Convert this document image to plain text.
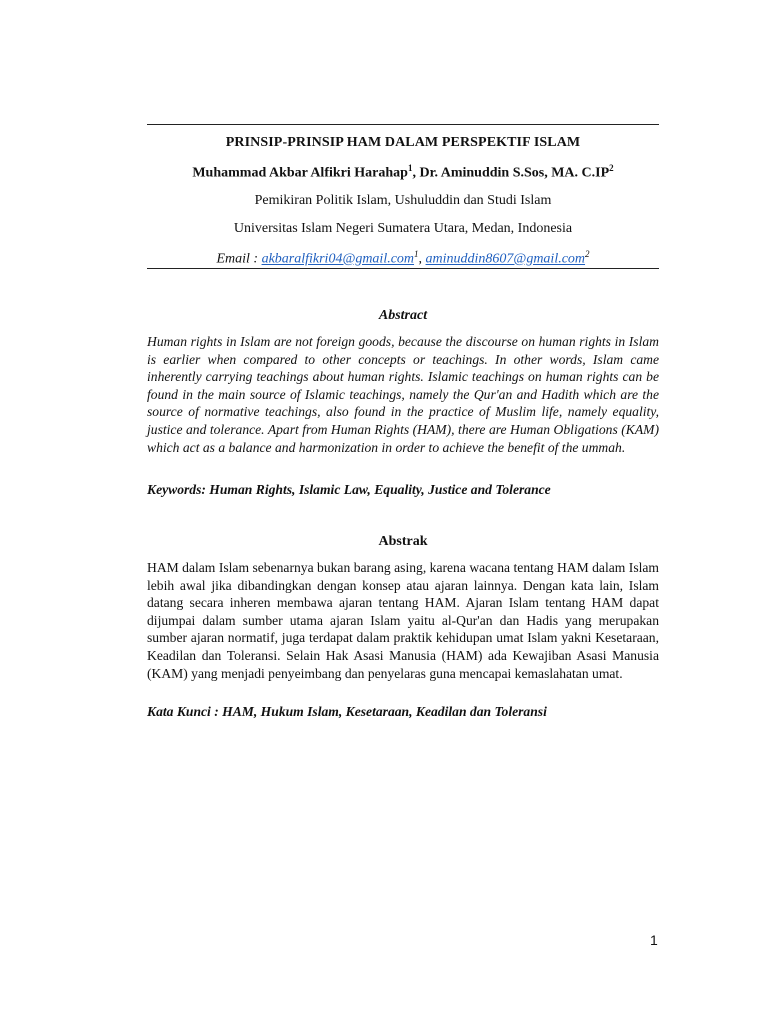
PRINSIP-PRINSIP HAM DALAM PERSPEKTIF ISLAM
Muhammad Akbar Alfikri Harahap$^1$, Dr. Aminuddin S.Sos, MA. $C.IP^2$
Pemikiran Politik Islam, Ushuluddin dan Studi Islam
Universitas Islam Negeri Sumatera Utara, Medan, Indonesia
Email : akbaralfikri04@gmail.com$^1$, aminuddin8607@gmail.com$^2$
Abstract
Human rights in Islam are not foreign goods, because the discourse on human rights in Islam is earlier when compared to other concepts or teachings. In other words, Islam came inherently carrying teachings about human rights. Islamic teachings on human rights can be found in the main source of Islamic teachings, namely the Qur'an and Hadith which are the source of normative teachings, also found in the practice of Muslim life, namely equality, justice and tolerance. Apart from Human Rights (HAM), there are Human Obligations (KAM) which act as a balance and harmonization in order to achieve the benefit of the ummah.
Keywords: Human Rights, Islamic Law, Equality, Justice and Tolerance
Abstrak
HAM dalam Islam sebenarnya bukan barang asing, karena wacana tentang HAM dalam Islam lebih awal jika dibandingkan dengan konsep atau ajaran lainnya. Dengan kata lain, Islam datang secara inheren membawa ajaran tentang HAM. Ajaran Islam tentang HAM dapat dijumpai dalam sumber utama ajaran Islam yaitu al-Qur'an dan Hadis yang merupakan sumber ajaran normatif, juga terdapat dalam praktik kehidupan umat Islam yakni Kesetaraan, Keadilan dan Toleransi. Selain Hak Asasi Manusia (HAM) ada Kewajiban Asasi Manusia (KAM) yang menjadi penyeimbang dan penyelaras guna mencapai kemaslahatan umat.
Kata Kunci : HAM, Hukum Islam, Kesetaraan, Keadilan dan Toleransi
1
